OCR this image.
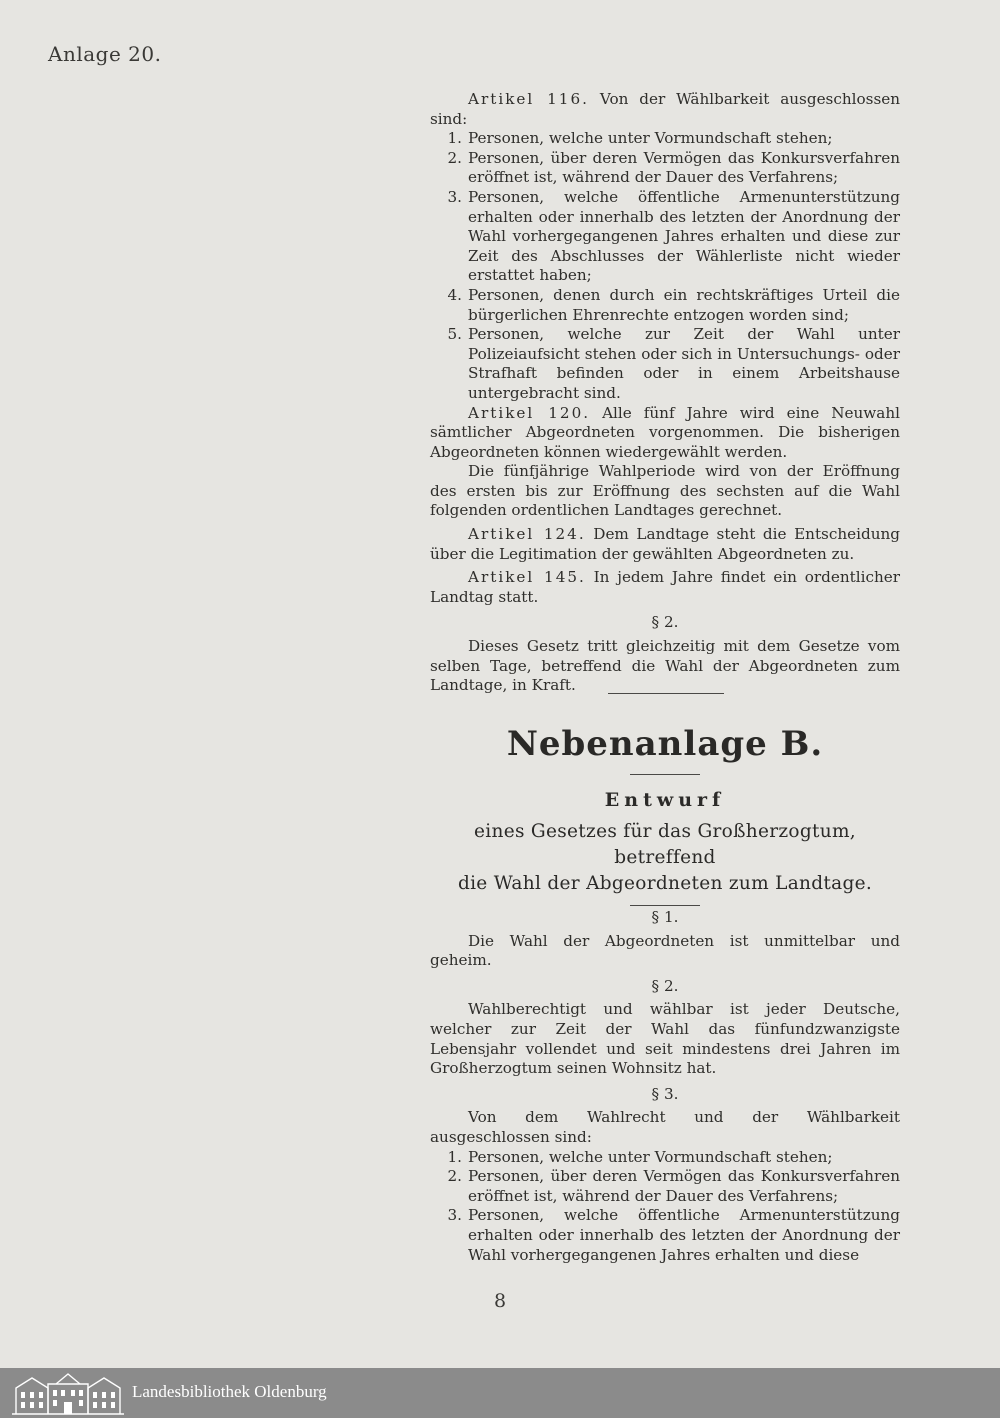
Anlage 20.

Artikel 116. Von der Wählbarkeit ausgeschlossen sind:

1. Personen, welche unter Vormundschaft stehen;
2. Personen, über deren Vermögen das Konkursverfahren eröffnet ist, während der Dauer des Verfahrens;
3. Personen, welche öffentliche Armenunterstützung erhalten oder innerhalb des letzten der Anordnung der Wahl vorhergegangenen Jahres erhalten und diese zur Zeit des Abschlusses der Wählerliste nicht wieder erstattet haben;
4. Personen, denen durch ein rechtskräftiges Urteil die bürgerlichen Ehrenrechte entzogen worden sind;
5. Personen, welche zur Zeit der Wahl unter Polizeiaufsicht stehen oder sich in Untersuchungs- oder Strafhaft befinden oder in einem Arbeitshause untergebracht sind.

Artikel 120. Alle fünf Jahre wird eine Neuwahl sämtlicher Abgeordneten vorgenommen. Die bisherigen Abgeordneten können wiedergewählt werden.

Die fünfjährige Wahlperiode wird von der Eröffnung des ersten bis zur Eröffnung des sechsten auf die Wahl folgenden ordentlichen Landtages gerechnet.

Artikel 124. Dem Landtage steht die Entscheidung über die Legitimation der gewählten Abgeordneten zu.

Artikel 145. In jedem Jahre findet ein ordentlicher Landtag statt.

§ 2.

Dieses Gesetz tritt gleichzeitig mit dem Gesetze vom selben Tage, betreffend die Wahl der Abgeordneten zum Landtage, in Kraft.

Nebenanlage B.
Entwurf
eines Gesetzes für das Großherzogtum, betreffend
die Wahl der Abgeordneten zum Landtage.
§ 1.

Die Wahl der Abgeordneten ist unmittelbar und geheim.

§ 2.

Wahlberechtigt und wählbar ist jeder Deutsche, welcher zur Zeit der Wahl das fünfundzwanzigste Lebensjahr vollendet und seit mindestens drei Jahren im Großherzogtum seinen Wohnsitz hat.

§ 3.

Von dem Wahlrecht und der Wählbarkeit ausgeschlossen sind:

1. Personen, welche unter Vormundschaft stehen;
2. Personen, über deren Vermögen das Konkursverfahren eröffnet ist, während der Dauer des Verfahrens;
3. Personen, welche öffentliche Armenunterstützung erhalten oder innerhalb des letzten der Anordnung der Wahl vorhergegangenen Jahres erhalten und diese
8
Landesbibliothek Oldenburg
